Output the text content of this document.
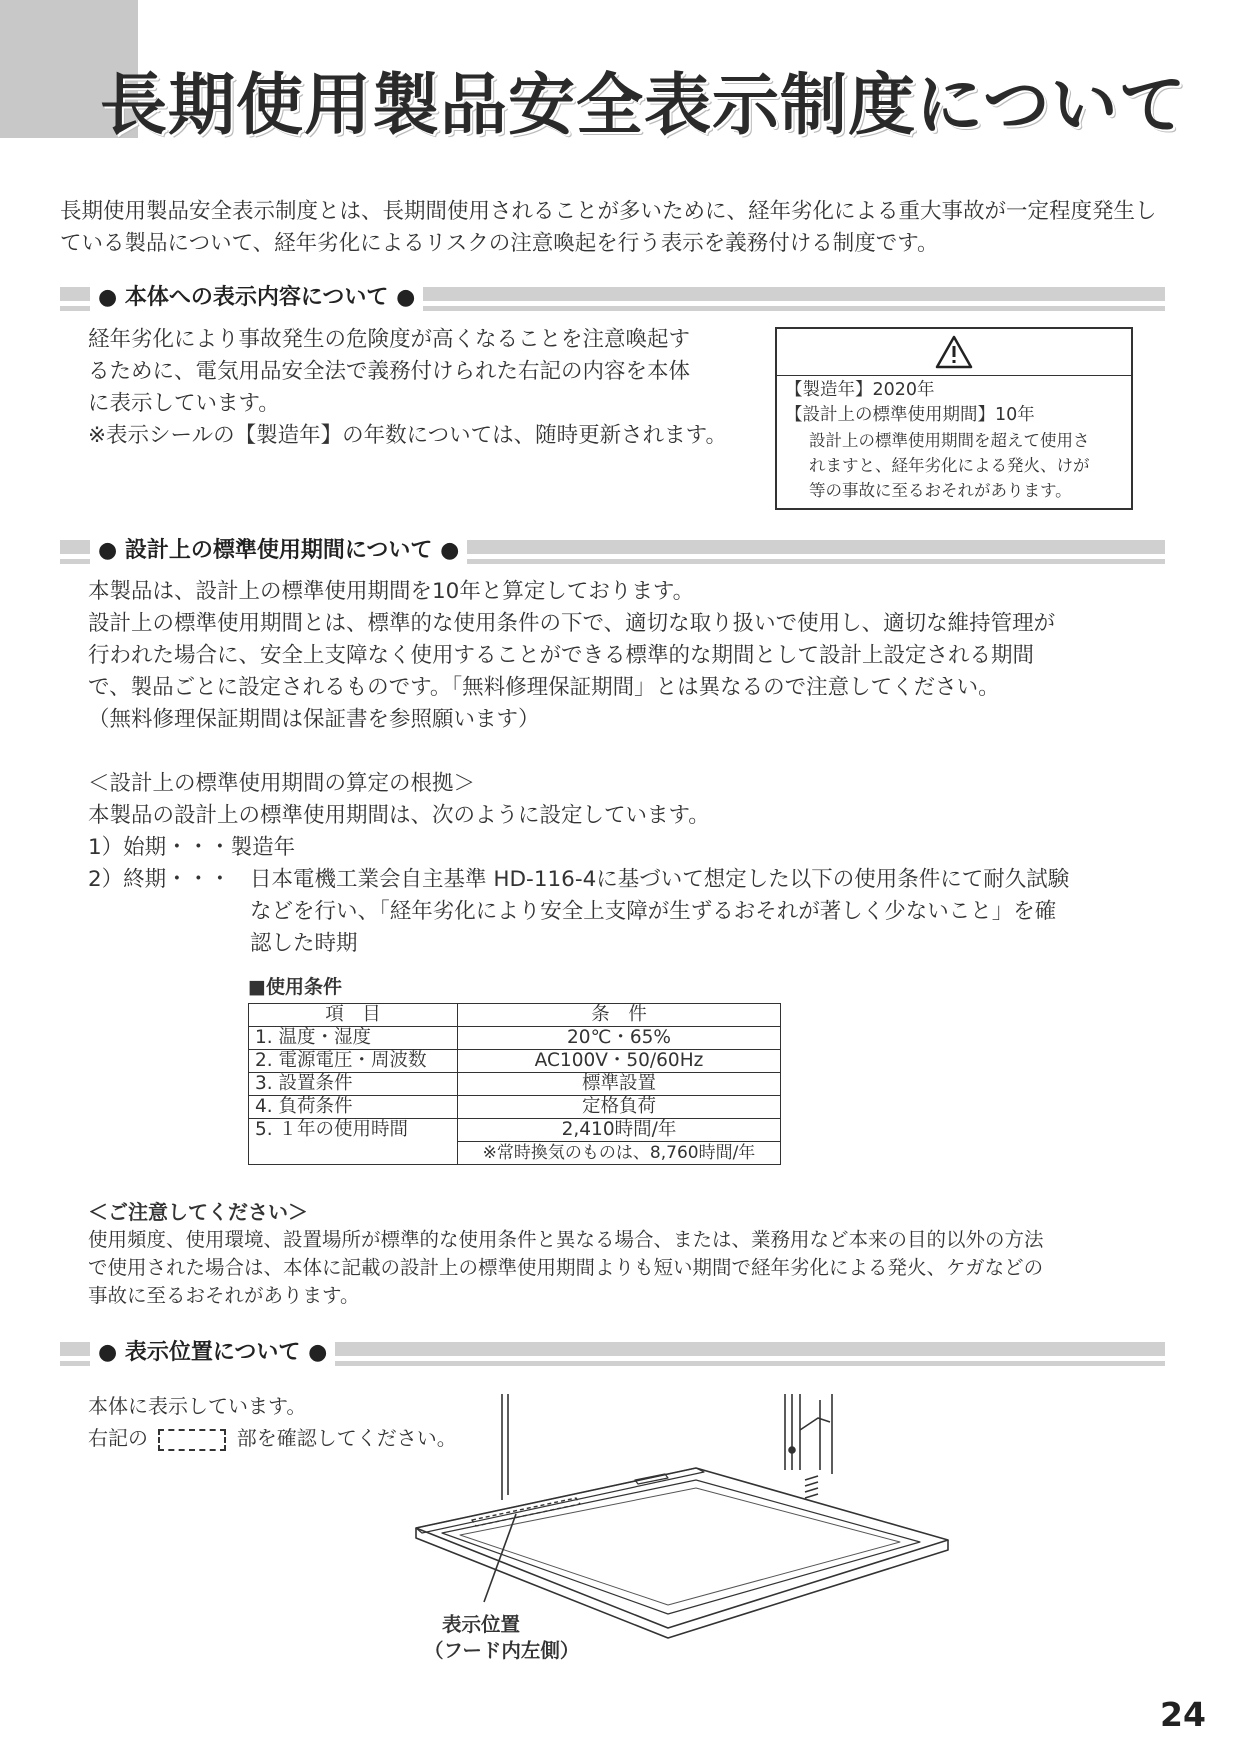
長期使用製品安全表示制度について
長期使用製品安全表示制度とは、長期間使用されることが多いために、経年劣化による重大事故が一定程度発生している製品について、経年劣化によるリスクの注意喚起を行う表示を義務付ける制度です。
● 本体への表示内容について ●
経年劣化により事故発生の危険度が高くなることを注意喚起す
るために、電気用品安全法で義務付けられた右記の内容を本体
に表示しています。
※表示シールの【製造年】の年数については、随時更新されます。
【製造年】2020年
【設計上の標準使用期間】10年
設計上の標準使用期間を超えて使用さ
れますと、経年劣化による発火、けが
等の事故に至るおそれがあります。
● 設計上の標準使用期間について ●
本製品は、設計上の標準使用期間を10年と算定しております。
設計上の標準使用期間とは、標準的な使用条件の下で、適切な取り扱いで使用し、適切な維持管理が
行われた場合に、安全上支障なく使用することができる標準的な期間として設計上設定される期間
で、製品ごとに設定されるものです。「無料修理保証期間」とは異なるので注意してください。
（無料修理保証期間は保証書を参照願います）
＜設計上の標準使用期間の算定の根拠＞
本製品の設計上の標準使用期間は、次のように設定しています。
1）始期・・・製造年
2）終期・・・ 日本電機工業会自主基準 HD-116-4に基づいて想定した以下の使用条件にて耐久試験
などを行い、「経年劣化により安全上支障が生ずるおそれが著しく少ないこと」を確
認した時期
■使用条件
項　目	条　件
1. 温度・湿度	20℃・65%
2. 電源電圧・周波数	AC100V・50/60Hz
3. 設置条件	標準設置
4. 負荷条件	定格負荷
5. １年の使用時間	2,410時間/年
	※常時換気のものは、8,760時間/年
＜ご注意してください＞
使用頻度、使用環境、設置場所が標準的な使用条件と異なる場合、または、業務用など本来の目的以外の方法
で使用された場合は、本体に記載の設計上の標準使用期間よりも短い期間で経年劣化による発火、ケガなどの
事故に至るおそれがあります。
● 表示位置について ●
本体に表示しています。
右記の	部を確認してください。
表示位置
（フード内左側）
24
